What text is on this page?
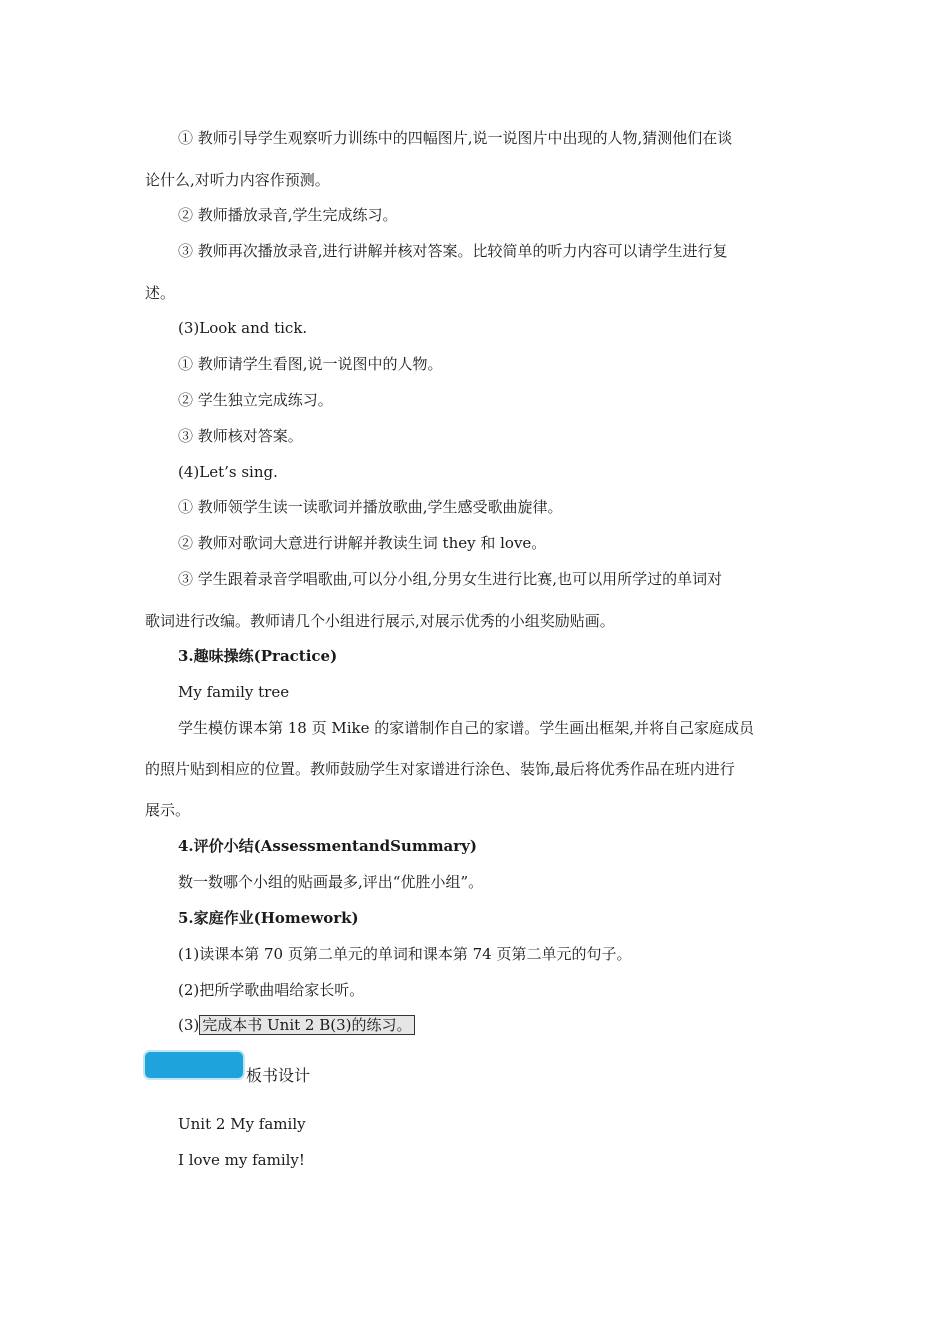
① 教师引导学生观察听力训练中的四幅图片,说一说图片中出现的人物,猜测他们在谈
论什么,对听力内容作预测。
② 教师播放录音,学生完成练习。
③ 教师再次播放录音,进行讲解并核对答案。比较简单的听力内容可以请学生进行复
述。
(3)Look and tick.
① 教师请学生看图,说一说图中的人物。
② 学生独立完成练习。
③ 教师核对答案。
(4)Let’s sing.
① 教师领学生读一读歌词并播放歌曲,学生感受歌曲旋律。
② 教师对歌词大意进行讲解并教读生词 they 和 love。
③ 学生跟着录音学唱歌曲,可以分小组,分男女生进行比赛,也可以用所学过的单词对
歌词进行改编。教师请几个小组进行展示,对展示优秀的小组奖励贴画。
3.趣味操练(Practice)
My family tree
学生模仿课本第 18 页 Mike 的家谱制作自己的家谱。学生画出框架,并将自己家庭成员
的照片贴到相应的位置。教师鼓励学生对家谱进行涂色、装饰,最后将优秀作品在班内进行
展示。
4.评价小结(AssessmentandSummary)
数一数哪个小组的贴画最多,评出“优胜小组”。
5.家庭作业(Homework)
(1)读课本第 70 页第二单元的单词和课本第 74 页第二单元的句子。
(2)把所学歌曲唱给家长听。
(3) 完成本书 Unit 2 B(3)的练习。
板书设计
Unit 2 My family
I love my family!
